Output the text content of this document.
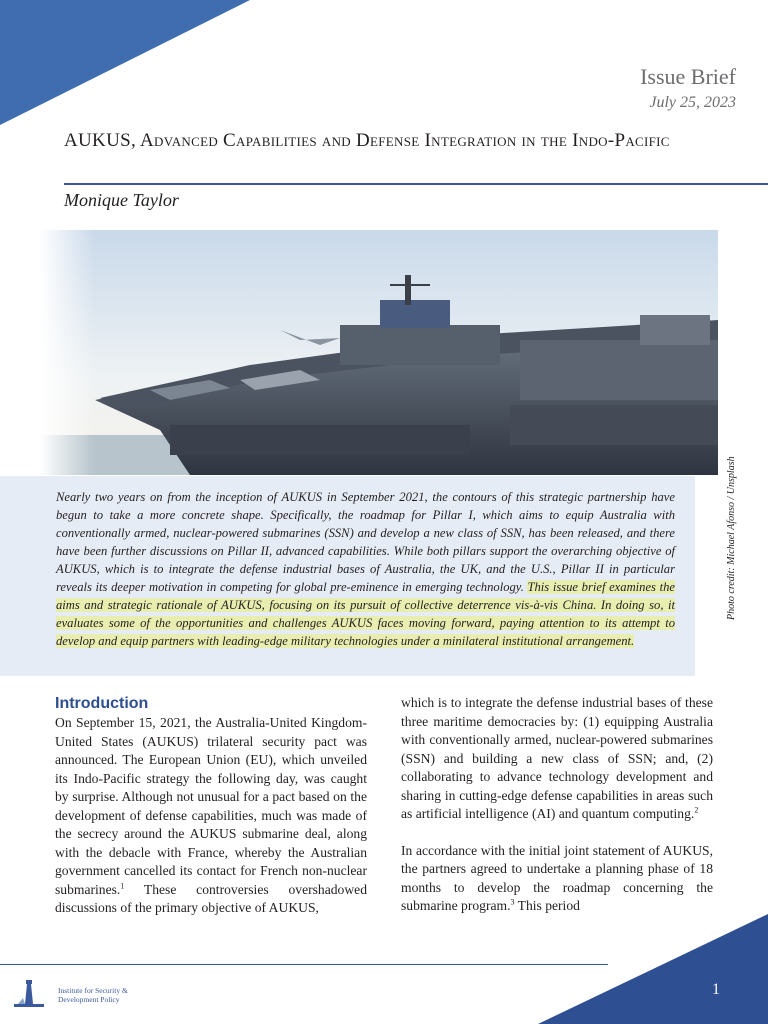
Issue Brief
July 25, 2023
AUKUS, Advanced Capabilities and Defense Integration in the Indo-Pacific
Monique Taylor
Photo credit: Michael Afonso / Unsplash

Nearly two years on from the inception of AUKUS in September 2021, the contours of this strategic partnership have begun to take a more concrete shape. Specifically, the roadmap for Pillar I, which aims to equip Australia with conventionally armed, nuclear-powered submarines (SSN) and develop a new class of SSN, has been released, and there have been further discussions on Pillar II, advanced capabilities. While both pillars support the overarching objective of AUKUS, which is to integrate the defense industrial bases of Australia, the UK, and the U.S., Pillar II in particular reveals its deeper motivation in competing for global pre-eminence in emerging technology. This issue brief examines the aims and strategic rationale of AUKUS, focusing on its pursuit of collective deterrence vis-à-vis China. In doing so, it evaluates some of the opportunities and challenges AUKUS faces moving forward, paying attention to its attempt to develop and equip partners with leading-edge military technologies under a minilateral institutional arrangement.

Introduction

On September 15, 2021, the Australia-United Kingdom-United States (AUKUS) trilateral security pact was announced. The European Union (EU), which unveiled its Indo-Pacific strategy the following day, was caught by surprise. Although not unusual for a pact based on the development of defense capabilities, much was made of the secrecy around the AUKUS submarine deal, along with the debacle with France, whereby the Australian government cancelled its contact for French non-nuclear submarines.$^1$ These controversies overshadowed discussions of the primary objective of AUKUS,

which is to integrate the defense industrial bases of these three maritime democracies by: (1) equipping Australia with conventionally armed, nuclear-powered submarines (SSN) and building a new class of SSN; and, (2) collaborating to advance technology development and sharing in cutting-edge defense capabilities in areas such as artificial intelligence (AI) and quantum computing.$^2$

In accordance with the initial joint statement of AUKUS, the partners agreed to undertake a planning phase of 18 months to develop the roadmap concerning the submarine program.$^3$ This period

Institute for Security &
Development Policy
1
